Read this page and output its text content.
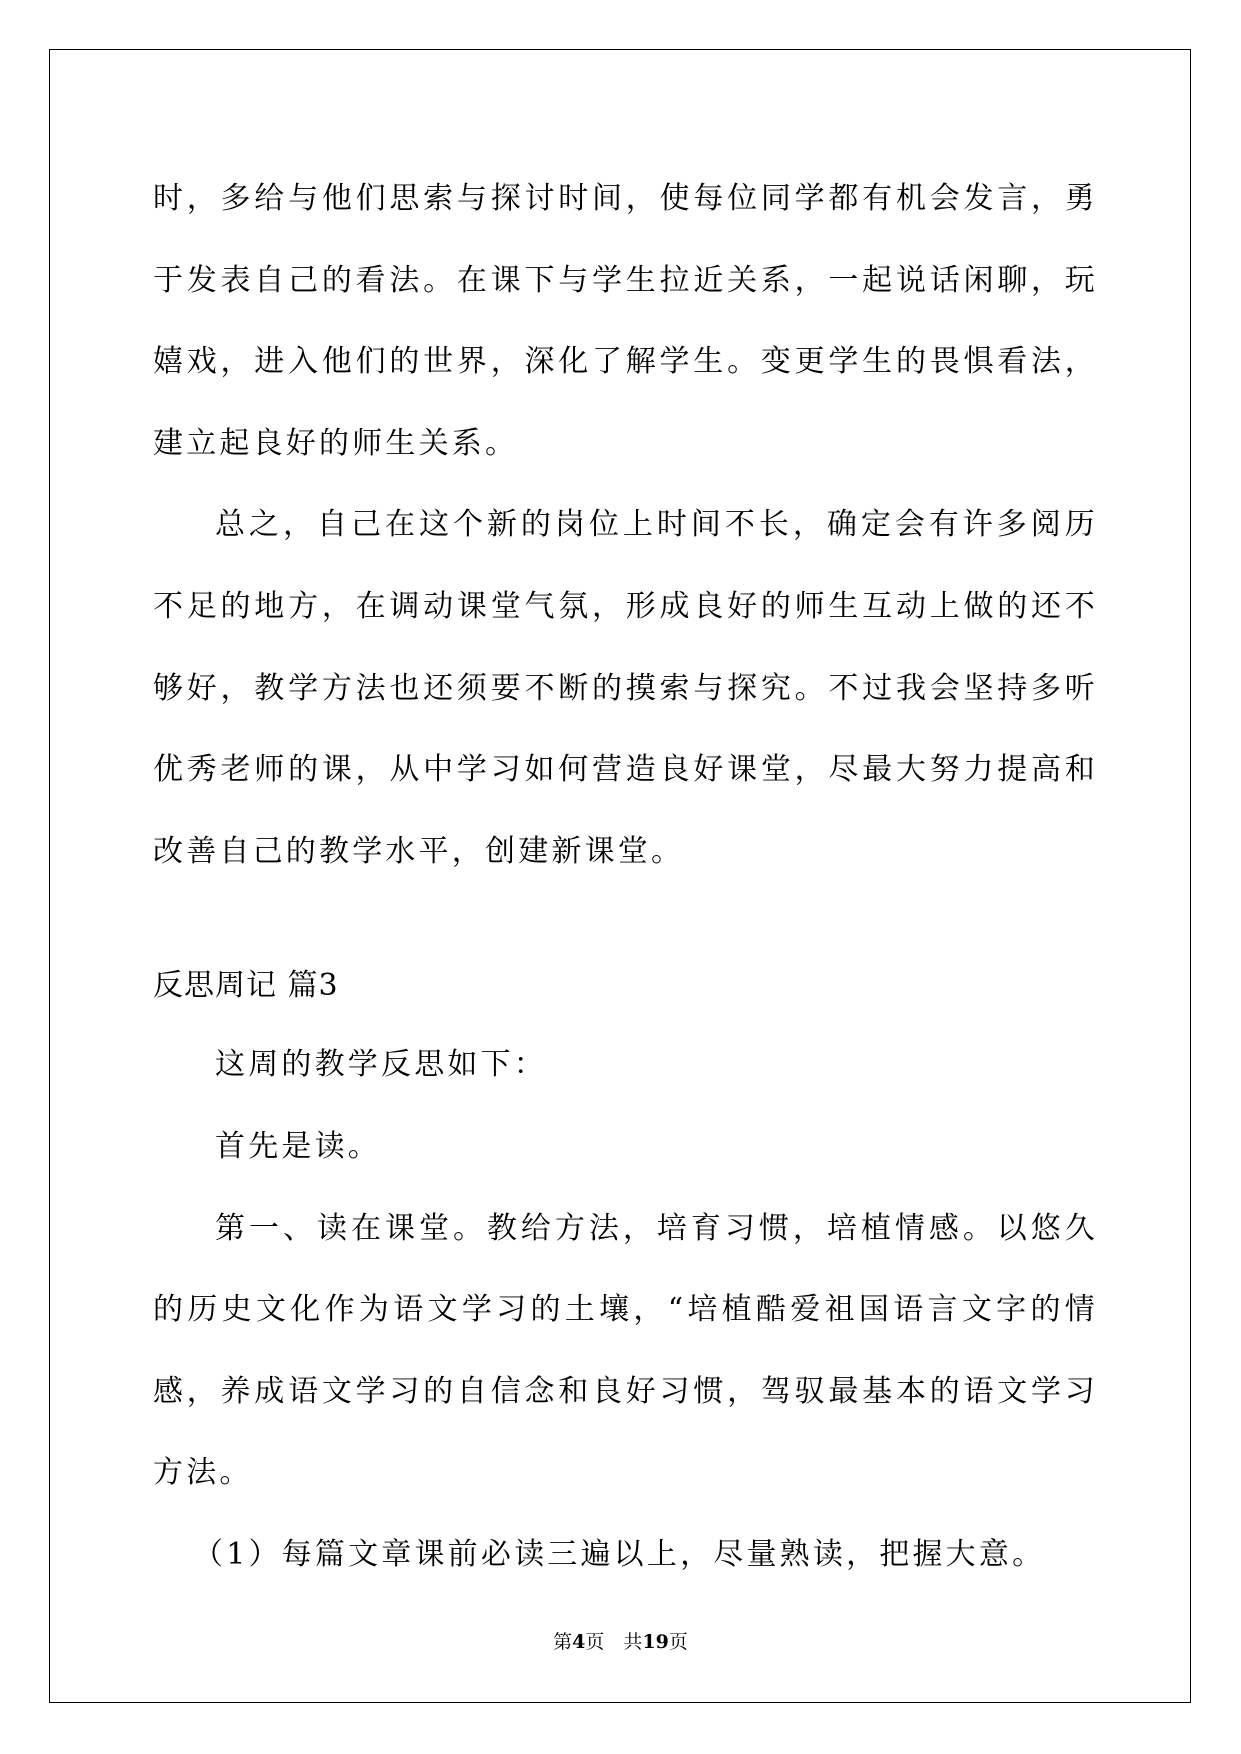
时，多给与他们思索与探讨时间，使每位同学都有机会发言，勇于发表自己的看法。在课下与学生拉近关系，一起说话闲聊，玩嬉戏，进入他们的世界，深化了解学生。变更学生的畏惧看法，建立起良好的师生关系。

总之，自己在这个新的岗位上时间不长，确定会有许多阅历不足的地方，在调动课堂气氛，形成良好的师生互动上做的还不够好，教学方法也还须要不断的摸索与探究。不过我会坚持多听优秀老师的课，从中学习如何营造良好课堂，尽最大努力提高和改善自己的教学水平，创建新课堂。

反思周记 篇3

这周的教学反思如下：

首先是读。

第一、读在课堂。教给方法，培育习惯，培植情感。以悠久的历史文化作为语文学习的土壤，“培植酷爱祖国语言文字的情感，养成语文学习的自信念和良好习惯，驾驭最基本的语文学习方法。

（1）每篇文章课前必读三遍以上，尽量熟读，把握大意。

第4页　共19页
